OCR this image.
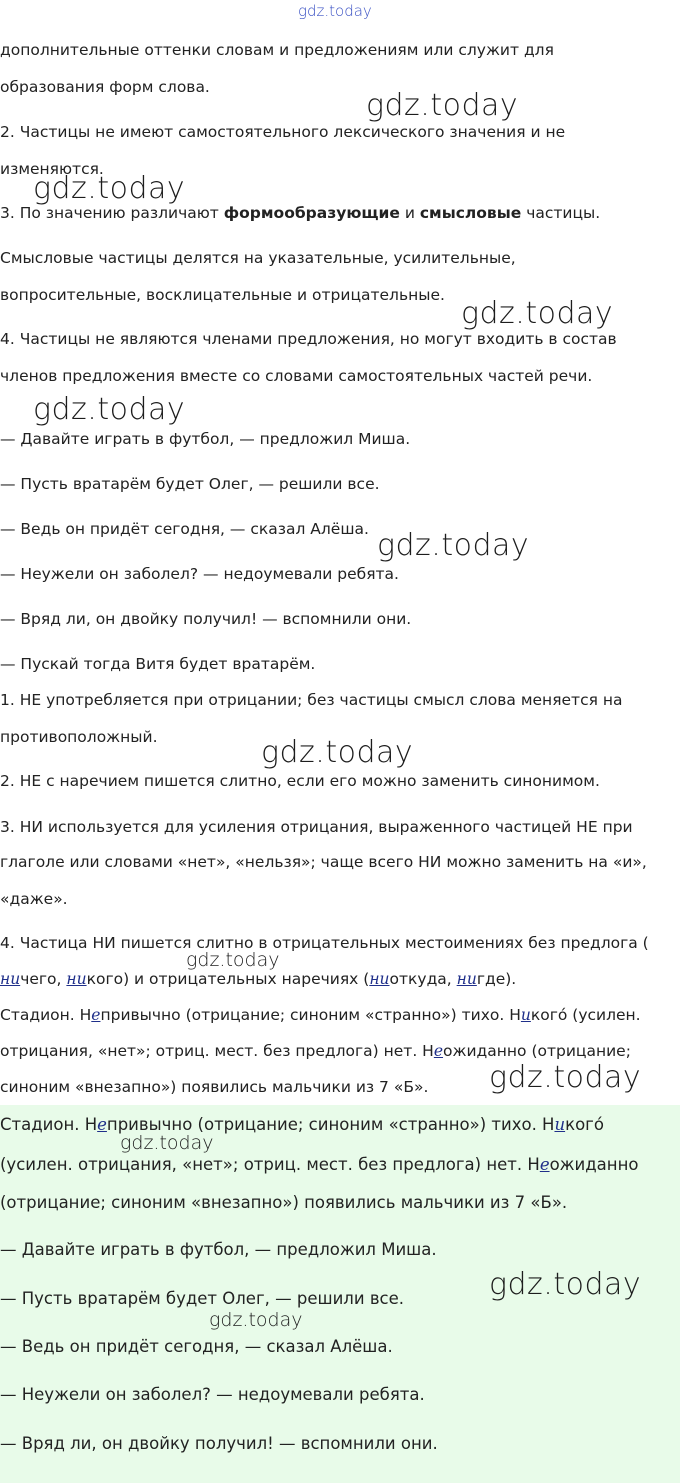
дополнительные оттенки словам и предложениям или служит для
образования форм слова.
2. Частицы не имеют самостоятельного лексического значения и не
изменяются.
3. По значению различают формообразующие и смысловые частицы.
Смысловые частицы делятся на указательные, усилительные,
вопросительные, восклицательные и отрицательные.
4. Частицы не являются членами предложения, но могут входить в состав
членов предложения вместе со словами самостоятельных частей речи.
— Давайте играть в футбол, — предложил Миша.
— Пусть вратарём будет Олег, — решили все.
— Ведь он придёт сегодня, — сказал Алёша.
— Неужели он заболел? — недоумевали ребята.
— Вряд ли, он двойку получил! — вспомнили они.
— Пускай тогда Витя будет вратарём.
1. НЕ употребляется при отрицании; без частицы смысл слова меняется на
противоположный.
2. НЕ с наречием пишется слитно, если его можно заменить синонимом.
3. НИ используется для усиления отрицания, выраженного частицей НЕ при
глаголе или словами «нет», «нельзя»; чаще всего НИ можно заменить на «и»,
«даже».
4. Частица НИ пишется слитно в отрицательных местоимениях без предлога (
ничего, никого) и отрицательных наречиях (ниоткуда, нигде).
Стадион. Непривычно (отрицание; синоним «странно») тихо. Никого́ (усилен.
отрицания, «нет»; отриц. мест. без предлога) нет. Неожиданно (отрицание;
синоним «внезапно») появились мальчики из 7 «Б».
Стадион. Непривычно (отрицание; синоним «странно») тихо. Никого́
(усилен. отрицания, «нет»; отриц. мест. без предлога) нет. Неожиданно
(отрицание; синоним «внезапно») появились мальчики из 7 «Б».
— Давайте играть в футбол, — предложил Миша.
— Пусть вратарём будет Олег, — решили все.
— Ведь он придёт сегодня, — сказал Алёша.
— Неужели он заболел? — недоумевали ребята.
— Вряд ли, он двойку получил! — вспомнили они.
gdz.today
gdz.today
gdz.today
gdz.today
gdz.today
gdz.today
gdz.today
gdz.today
gdz.today
gdz.today
gdz.today
gdz.today
